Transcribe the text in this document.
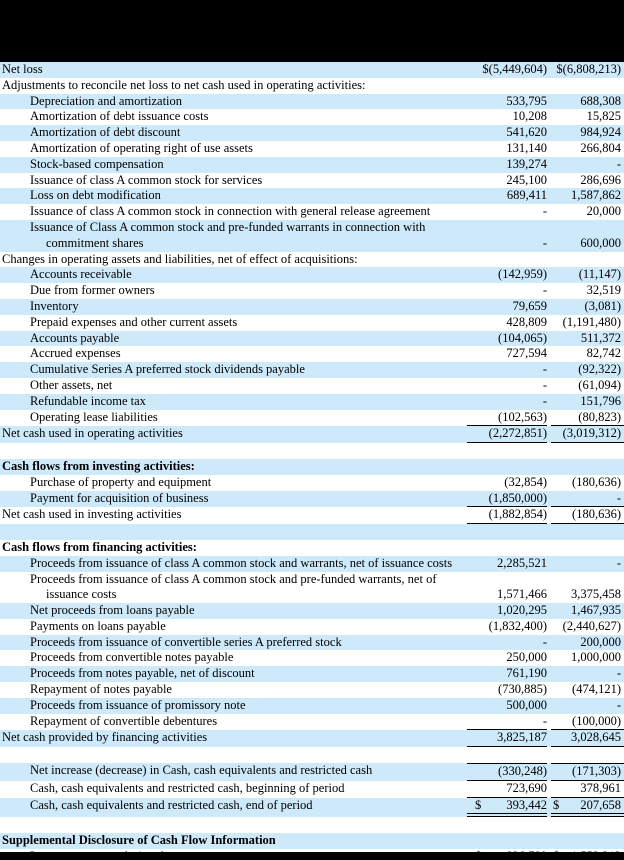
Net loss	$(5,449,604) $(6,808,213)
Adjustments to reconcile net loss to net cash used in operating activities:
Depreciation and amortization	533,795	688,308
Amortization of debt issuance costs	10,208	15,825
Amortization of debt discount	541,620	984,924
Amortization of operating right of use assets	131,140	266,804
Stock-based compensation	139,274	-
Issuance of class A common stock for services	245,100	286,696
Loss on debt modification	689,411	1,587,862
Issuance of class A common stock in connection with general release agreement	-	20,000
Issuance of Class A common stock and pre-funded warrants in connection with
commitment shares	-	600,000
Changes in operating assets and liabilities, net of effect of acquisitions:
Accounts receivable	(142,959)	(11,147)
Due from former owners	-	32,519
Inventory	79,659	(3,081)
Prepaid expenses and other current assets	428,809	(1,191,480)
Accounts payable	(104,065)	511,372
Accrued expenses	727,594	82,742
Cumulative Series A preferred stock dividends payable	-	(92,322)
Other assets, net	-	(61,094)
Refundable income tax	-	151,796
Operating lease liabilities	(102,563)	(80,823)
Net cash used in operating activities	(2,272,851)	(3,019,312)
Cash flows from investing activities:
Purchase of property and equipment	(32,854)	(180,636)
Payment for acquisition of business	(1,850,000)	-
Net cash used in investing activities	(1,882,854)	(180,636)
Cash flows from financing activities:
Proceeds from issuance of class A common stock and warrants, net of issuance costs	2,285,521	-
Proceeds from issuance of class A common stock and pre-funded warrants, net of
issuance costs	1,571,466	3,375,458
Net proceeds from loans payable	1,020,295	1,467,935
Payments on loans payable	(1,832,400)	(2,440,627)
Proceeds from issuance of convertible series A preferred stock	-	200,000
Proceeds from convertible notes payable	250,000	1,000,000
Proceeds from notes payable, net of discount	761,190	-
Repayment of notes payable	(730,885)	(474,121)
Proceeds from issuance of promissory note	500,000	-
Repayment of convertible debentures	-	(100,000)
Net cash provided by financing activities	3,825,187	3,028,645
Net increase (decrease) in Cash, cash equivalents and restricted cash	(330,248)	(171,303)
Cash, cash equivalents and restricted cash, beginning of period	723,690	378,961
Cash, cash equivalents and restricted cash, end of period	$ 393,442 $ 207,658
Supplemental Disclosure of Cash Flow Information
